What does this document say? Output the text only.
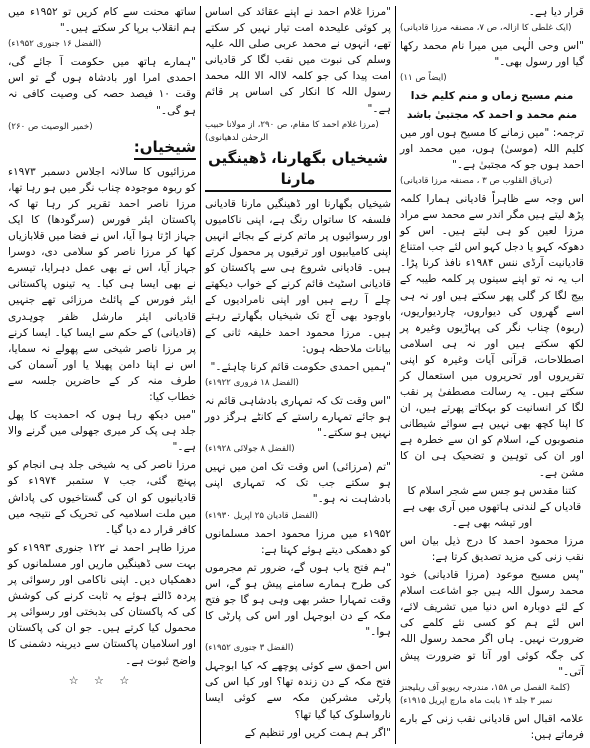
قرار دیا ہے۔

(ایک غلطی کا ازالہ، ص ۷، مصنفہ مرزا قادیانی)

"اس وحی الٰہی میں میرا نام محمد رکھا گیا اور رسول بھی۔"

(ایضاً ص ۱۱)

منم مسیح زماں و منم کلیم خدا

منم محمد و احمد کہ مجتبیٰ باشد

ترجمہ: "میں زمانے کا مسیح ہوں اور میں کلیم اللہ (موسیٰ) ہوں، میں محمد اور احمد ہوں جو کہ مجتبیٰ ہے۔"

(تریاق القلوب ص ۳ ، مصنفہ مرزا قادیانی)

اس وجہ سے ظاہراً قادیانی ہمارا کلمہ پڑھ لیتے ہیں مگر اندر سے محمد سے مراد مرزا لعین کو ہی لیتے ہیں۔ اس کو دھوکہ کہو یا دجل کہو اس لئے جب امتناع قادیانیت آرڈی ننس ۱۹۸۴ء نافذ کرنا پڑا۔ اب یہ نہ تو اپنے سینوں پر کلمہ طیبہ کے بیج لگا کر گلی پھر سکتے ہیں اور نہ ہی اسے گھروں کی دیواروں، چاردیواریوں، (ربوہ) چناب نگر کی پہاڑیوں وغیرہ پر لکھ سکتے ہیں اور نہ ہی اسلامی اصطلاحات، قرآنی آیات وغیرہ کو اپنی تقریروں اور تحریروں میں استعمال کر سکتے ہیں۔ یہ رسالت مصطفیٰ پر نقب لگا کر انسانیت کو بہکاتے پھرتے ہیں، ان کا اپنا کچھ بھی نہیں ہے سوائے شیطانی منصوبوں کے، اسلام کو ان سے خطرہ ہے اور ان کی توہین و تضحیک ہی ان کا مشن ہے۔

کتنا مقدس ہو جس سے شجر اسلام کا قادیاں کے لندنی ہاتھوں میں آری بھی ہے اور تیشہ بھی ہے۔

مرزا محمود احمد کا درج ذیل بیان اس نقب زنی کی مزید تصدیق کرتا ہے:

"پس مسیح موعود (مرزا قادیانی) خود محمد رسول اللہ ہیں جو اشاعت اسلام کے لئے دوبارہ اس دنیا میں تشریف لائے، اس لئے ہم کو کسی نئے کلمے کی ضرورت نہیں۔ ہاں اگر محمد رسول اللہ کی جگہ کوئی اور آتا تو ضرورت پیش آتی۔"

(کلمۃ الفصل ص ۱۵۸، مندرجہ ریویو آف ریلیجنز نمبر ۳ جلد ۱۴ بابت ماہ مارچ اپریل ۱۹۱۵ء)

علامہ اقبال اس قادیانی نقب زنی کے بارے فرماتے ہیں:

"مرزا غلام احمد نے اپنے عقائد کی اساس پر کوئی علیحدہ امت تیار نہیں کر سکتے تھے، انہوں نے محمد عربی صلی اللہ علیہ وسلم کی نبوت میں نقب لگا کر قادیانی امت پیدا کی جو کلمہ لاالہ الا اللہ محمد رسول اللہ کا انکار کی اساس پر قائم ہے۔"

(مرزا غلام احمد کا مقام، ص ۲۹۰، از مولانا حبیب الرحمٰن لدھیانوی)

شیخیاں بگھارنا، ڈھینگیں مارنا

شیخیاں بگھارنا اور ڈھینگیں مارنا قادیانی فلسفہ کا ساتواں رنگ ہے، اپنی ناکامیوں اور رسوائیوں پر ماتم کرنے کے بجائے انہیں اپنی کامیابیوں اور ترقیوں پر محمول کرتے ہیں۔ قادیانی شروع ہی سے پاکستان کو قادیانی اسٹیٹ قائم کرنے کے خواب دیکھتے چلے آ رہے ہیں اور اپنی نامرادیوں کے باوجود بھی آج تک شیخیاں بگھارتے رہتے ہیں۔ مرزا محمود احمد خلیفہ ثانی کے بیانات ملاحظہ ہوں:

"ہمیں احمدی حکومت قائم کرنا چاہئے۔"

(الفضل ۱۸ فروری ۱۹۲۲ء)

"اس وقت تک کہ تمہاری بادشاہی قائم نہ ہو جائے تمہارے راستے کے کانٹے ہرگز دور نہیں ہو سکتے۔"

(الفضل ۸ جولائی ۱۹۲۸ء)

"تم (مرزائی) اس وقت تک امن میں نہیں ہو سکتے جب تک کہ تمہاری اپنی بادشاہت نہ ہو۔"

(الفضل قادیان ۲۵ اپریل ۱۹۳۰ء)

۱۹۵۲ء میں مرزا محمود احمد مسلمانوں کو دھمکی دیتے ہوئے کہتا ہے:

"ہم فتح یاب ہوں گے، ضرور تم مجرموں کی طرح ہمارے سامنے پیش ہو گے، اس وقت تمہارا حشر بھی وہی ہو گا جو فتح مکہ کے دن ابوجہل اور اس کی پارٹی کا ہوا۔"

(الفضل ۳ جنوری ۱۹۵۲ء)

اس احمق سے کوئی پوچھے کہ کیا ابوجہل فتح مکہ کے دن زندہ تھا؟ اور کیا اس کی پارٹی مشرکین مکہ سے کوئی ایسا نارواسلوک کیا گیا تھا؟

"اگر ہم ہمت کریں اور تنظیم کے

ساتھ محنت سے کام کریں تو ۱۹۵۲ء میں ہم انقلاب برپا کر سکتے ہیں۔"

(الفضل ۱۶ جنوری ۱۹۵۲ء)

"ہمارے ہاتھ میں حکومت آ جائے گی، احمدی امرا اور بادشاہ ہوں گے تو اس وقت ۱۰ فیصد حصہ کی وصیت کافی نہ ہو گی۔"

(خمیر الوصیت ص ۲۶۰)

شیخیاں:

مرزائیوں کا سالانہ اجلاس دسمبر ۱۹۷۳ء کو ربوہ موجودہ چناب نگر میں ہو رہا تھا، مرزا ناصر احمد تقریر کر رہا تھا کہ پاکستان ایئر فورس (سرگودھا) کا ایک جہاز اڑتا ہوا آیا، اس نے فضا میں قلابازیاں کھا کر مرزا ناصر کو سلامی دی، دوسرا جہاز آیا، اس نے بھی عمل دہرایا، تیسرے نے بھی ایسا ہی کیا۔ یہ تینوں پاکستانی ایئر فورس کے پائلٹ مرزائی تھے جنہیں قادیانی ایئر مارشل ظفر چوہدری (قادیانی) کے حکم سے ایسا کیا۔ ایسا کرنے پر مرزا ناصر شیخی سے پھولے نہ سمایا، اس نے اپنا دامن پھیلا یا اور آسمان کی طرف منہ کر کے حاضرین جلسہ سے خطاب کیا:

"میں دیکھ رہا ہوں کہ احمدیت کا پھل جلد ہی پک کر میری جھولی میں گرنے والا ہے۔"

مرزا ناصر کی یہ شیخی جلد ہی انجام کو پہنچ گئی، جب ۷ ستمبر ۱۹۷۴ء کو قادیانیوں کو ان کی گستاخیوں کی پاداش میں ملت اسلامیہ کی تحریک کے نتیجہ میں کافر قرار دے دیا گیا۔

مرزا طاہر احمد نے ۱۲۲ جنوری ۱۹۹۳ء کو بہت سی ڈھینگیں ماریں اور مسلمانوں کو دھمکیاں دیں۔ اپنی ناکامی اور رسوائی پر پردہ ڈالتے ہوئے یہ ثابت کرنے کی کوشش کی کہ پاکستان کی بدبختی اور رسوائی پر محمول کیا کرتے ہیں۔ جو ان کی پاکستان اور اسلامیان پاکستان سے دیرینہ دشمنی کا واضح ثبوت ہے۔

☆ ☆ ☆
